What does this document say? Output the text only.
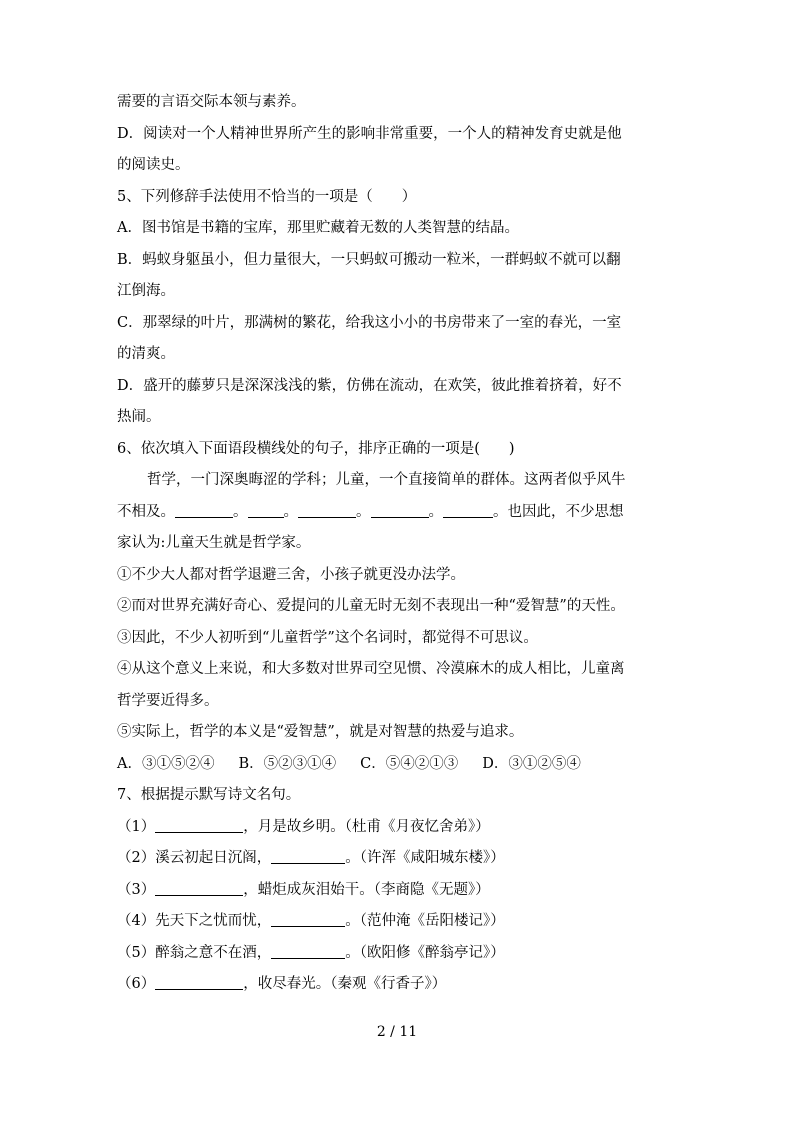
需要的言语交际本领与素养。
D．阅读对一个人精神世界所产生的影响非常重要，一个人的精神发育史就是他
的阅读史。
5、下列修辞手法使用不恰当的一项是（　　）
A．图书馆是书籍的宝库，那里贮藏着无数的人类智慧的结晶。
B．蚂蚁身躯虽小，但力量很大，一只蚂蚁可搬动一粒米，一群蚂蚁不就可以翻
江倒海。
C．那翠绿的叶片，那满树的繁花，给我这小小的书房带来了一室的春光，一室
的清爽。
D．盛开的藤萝只是深深浅浅的紫，仿佛在流动，在欢笑，彼此推着挤着，好不
热闹。
6、依次填入下面语段横线处的句子，排序正确的一项是(　　)
哲学，一门深奥晦涩的学科；儿童，一个直接简单的群体。这两者似乎风牛
不相及。	。 。	。	。	。也因此，不少思想
家认为:儿童天生就是哲学家。
①不少大人都对哲学退避三舍，小孩子就更没办法学。
②而对世界充满好奇心、爱提问的儿童无时无刻不表现出一种“爱智慧”的天性。
③因此，不少人初听到“儿童哲学”这个名词时，都觉得不可思议。
④从这个意义上来说，和大多数对世界司空见惯、冷漠麻木的成人相比，儿童离
哲学要近得多。
⑤实际上，哲学的本义是“爱智慧”，就是对智慧的热爱与追求。
A．③①⑤②④ B．⑤②③①④ C．⑤④②①③ D．③①②⑤④
7、根据提示默写诗文名句。
（1）	，月是故乡明。（杜甫《月夜忆舍弟》）
（2）溪云初起日沉阁，	。（许浑《咸阳城东楼》）
（3）	，蜡炬成灰泪始干。（李商隐《无题》）
（4）先天下之忧而忧，	。（范仲淹《岳阳楼记》）
（5）醉翁之意不在酒，	。（欧阳修《醉翁亭记》）
（6）	，收尽春光。（秦观《行香子》）
2 / 11
